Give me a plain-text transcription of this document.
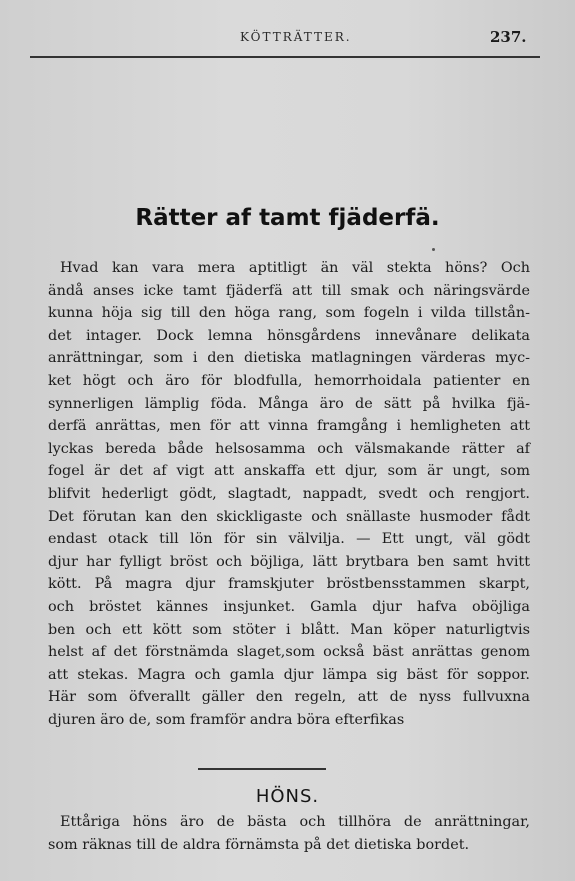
KÖTTRÄTTER.	237.
Rätter af tamt fjäderfä.
Hvad kan vara mera aptitligt än väl stekta höns? Och
ändå anses icke tamt fjäderfä att till smak och näringsvärde
kunna höja sig till den höga rang, som fogeln i vilda tillstån-
det intager. Dock lemna hönsgårdens innevånare delikata
anrättningar, som i den dietiska matlagningen värderas myc-
ket högt och äro för blodfulla, hemorrhoidala patienter en
synnerligen lämplig föda. Många äro de sätt på hvilka fjä-
derfä anrättas, men för att vinna framgång i hemligheten att
lyckas bereda både helsosamma och välsmakande rätter af
fogel är det af vigt att anskaffa ett djur, som är ungt, som
blifvit hederligt gödt, slagtadt, nappadt, svedt och rengjort.
Det förutan kan den skickligaste och snällaste husmoder fådt
endast otack till lön för sin välvilja. — Ett ungt, väl gödt
djur har fylligt bröst och böjliga, lätt brytbara ben samt hvitt
kött. På magra djur framskjuter bröstbensstammen skarpt,
och bröstet kännes insjunket. Gamla djur hafva oböjliga
ben och ett kött som stöter i blått. Man köper naturligtvis
helst af det förstnämda slaget,som också bäst anrättas genom
att stekas. Magra och gamla djur lämpa sig bäst för soppor.
Här som öfverallt gäller den regeln, att de nyss fullvuxna
djuren äro de, som framför andra böra efterfikas
HÖNS.
Ettåriga höns äro de bästa och tillhöra de anrättningar,
som räknas till de aldra förnämsta på det dietiska bordet.
